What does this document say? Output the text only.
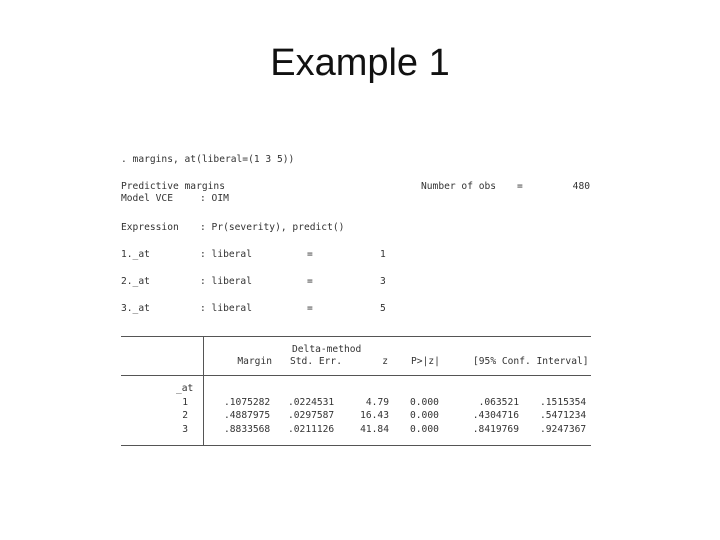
Example 1
. margins, at(liberal=(1 3 5))
Predictive margins	Number of obs =	480
Model VCE	: OIM
Expression : Pr(severity), predict()
1._at	: liberal	=	1
2._at	: liberal	=	3
3._at	: liberal	=	5
Delta-method
Margin Std. Err.	z P>|z|	[95% Conf. Interval]
_at
1	.1075282 .0224531	4.79 0.000	.063521 .1515354
2	.4887975 .0297587	16.43 0.000	.4304716 .5471234
3	.8833568 .0211126	41.84 0.000	.8419769 .9247367
